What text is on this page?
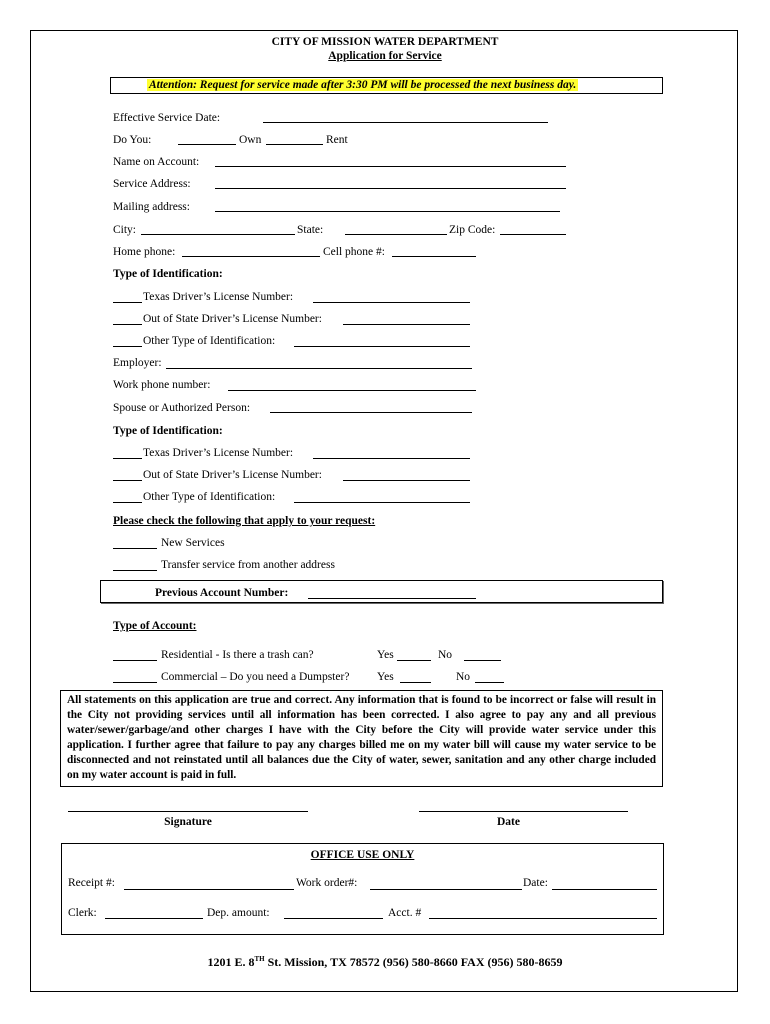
CITY OF MISSION WATER DEPARTMENT
Application for Service
Attention: Request for service made after 3:30 PM will be processed the next business day.
Effective Service Date:
Do You:	Own	Rent
Name on Account:
Service Address:
Mailing address:
City:	State:	Zip Code:
Home phone:	Cell phone #:
Type of Identification:
Texas Driver’s License Number:
Out of State Driver’s License Number:
Other Type of Identification:
Employer:
Work phone number:
Spouse or Authorized Person:
Type of Identification:
Texas Driver’s License Number:
Out of State Driver’s License Number:
Other Type of Identification:
Please check the following that apply to your request:
New Services
Transfer service from another address
Previous Account Number:
Type of Account:
Residential - Is there a trash can?	Yes	No
Commercial – Do you need a Dumpster? Yes	No
All statements on this application are true and correct. Any information that is found to be incorrect or false will result in the City not providing services until all information has been corrected. I also agree to pay any and all previous water/sewer/garbage/and other charges I have with the City before the City will provide water service under this application. I further agree that failure to pay any charges billed me on my water bill will cause my water service to be disconnected and not reinstated until all balances due the City of water, sewer, sanitation and any other charge included on my water account is paid in full.
Signature	Date
OFFICE USE ONLY
Receipt #:	Work order#:	Date:
Clerk:	Dep. amount:	Acct. #
1201 E. 8TH St. Mission, TX 78572 (956) 580-8660 FAX (956) 580-8659
